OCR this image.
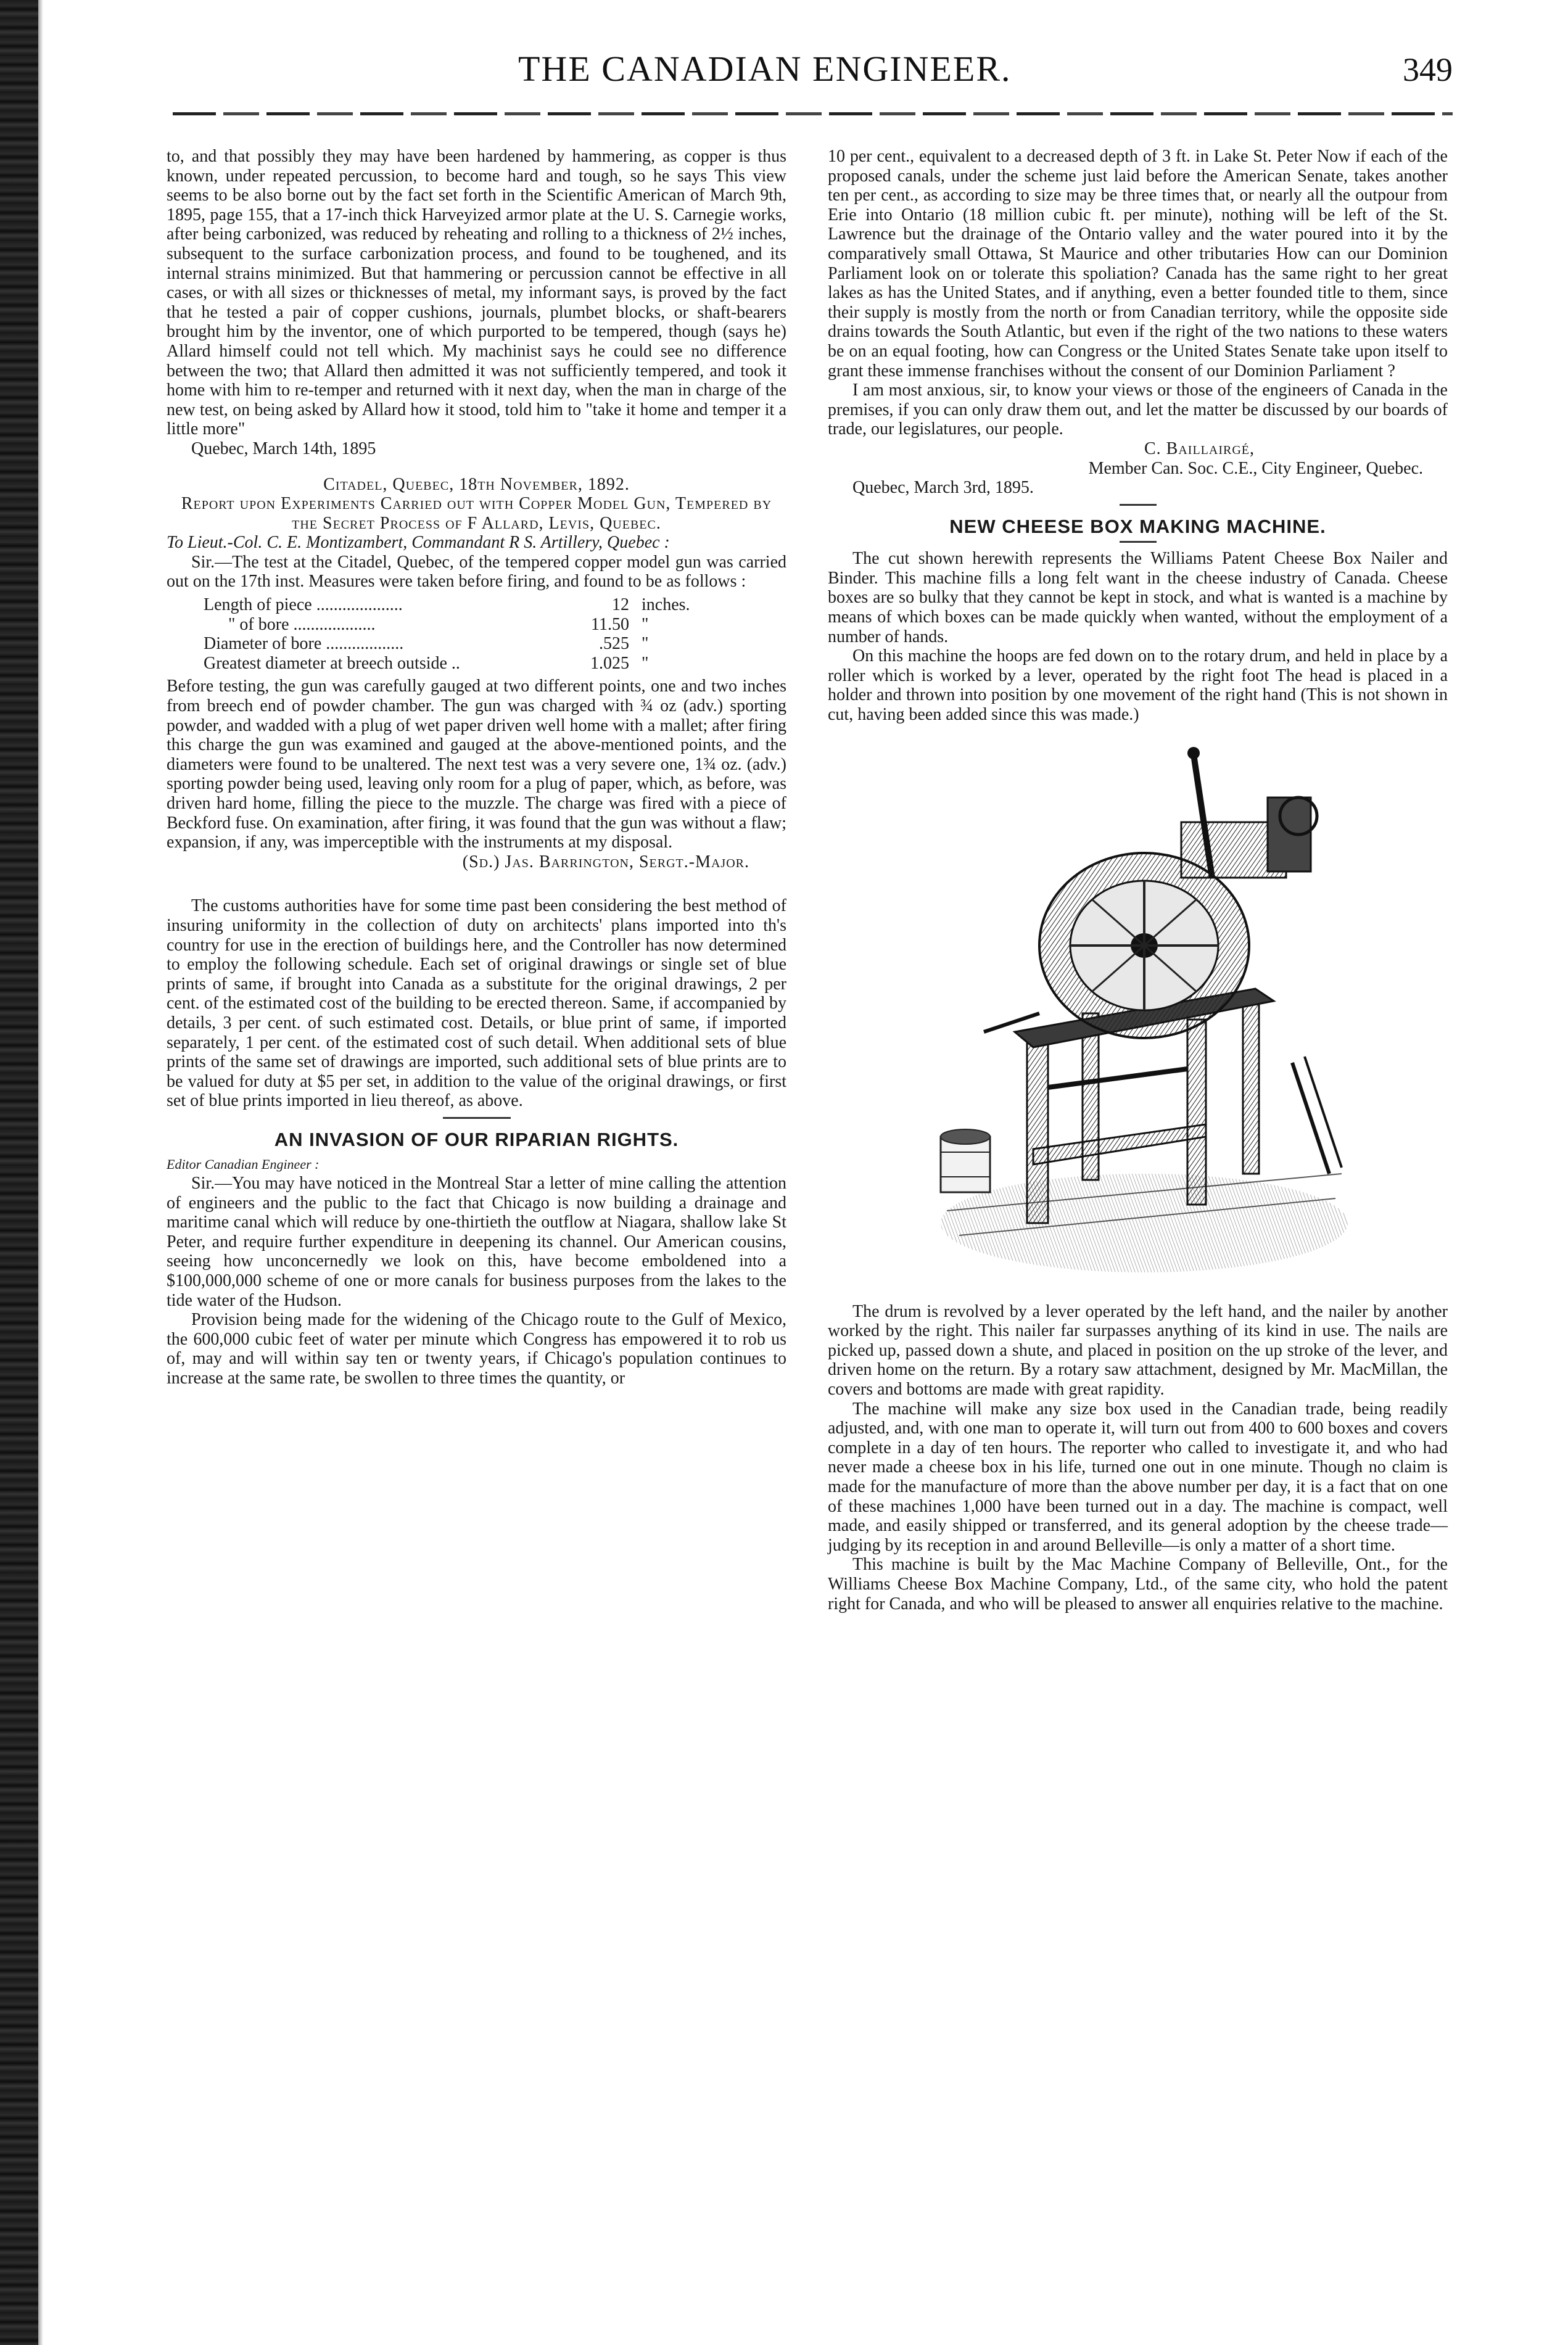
THE CANADIAN ENGINEER.	349

to, and that possibly they may have been hardened by hammering, as copper is thus known, under repeated percussion, to become hard and tough, so he says This view seems to be also borne out by the fact set forth in the Scientific American of March 9th, 1895, page 155, that a 17-inch thick Harveyized armor plate at the U. S. Carnegie works, after being carbonized, was reduced by reheating and rolling to a thickness of 2½ inches, subsequent to the surface carbonization process, and found to be toughened, and its internal strains minimized. But that hammering or percussion cannot be effective in all cases, or with all sizes or thicknesses of metal, my informant says, is proved by the fact that he tested a pair of copper cushions, journals, plumbet blocks, or shaft-bearers brought him by the inventor, one of which purported to be tempered, though (says he) Allard himself could not tell which. My machinist says he could see no difference between the two; that Allard then admitted it was not sufficiently tempered, and took it home with him to re-temper and returned with it next day, when the man in charge of the new test, on being asked by Allard how it stood, told him to "take it home and temper it a little more"

Quebec, March 14th, 1895

Citadel, Quebec, 18th November, 1892.

Report upon Experiments Carried out with Copper Model Gun, Tempered by the Secret Process of F Allard, Levis, Quebec.

To Lieut.-Col. C. E. Montizambert, Commandant R S. Artillery, Quebec :

Sir.—The test at the Citadel, Quebec, of the tempered copper model gun was carried out on the 17th inst. Measures were taken before firing, and found to be as follows :

Length of piece ....................	12 inches.
" of bore ...................	11.50 "
Diameter of bore ..................	.525 "
Greatest diameter at breech outside ..	1.025 "

Before testing, the gun was carefully gauged at two different points, one and two inches from breech end of powder chamber. The gun was charged with ¾ oz (adv.) sporting powder, and wadded with a plug of wet paper driven well home with a mallet; after firing this charge the gun was examined and gauged at the above-mentioned points, and the diameters were found to be unaltered. The next test was a very severe one, 1¾ oz. (adv.) sporting powder being used, leaving only room for a plug of paper, which, as before, was driven hard home, filling the piece to the muzzle. The charge was fired with a piece of Beckford fuse. On examination, after firing, it was found that the gun was without a flaw; expansion, if any, was imperceptible with the instruments at my disposal.

(Sd.) Jas. Barrington, Sergt.-Major.

The customs authorities have for some time past been considering the best method of insuring uniformity in the collection of duty on architects' plans imported into th's country for use in the erection of buildings here, and the Controller has now determined to employ the following schedule. Each set of original drawings or single set of blue prints of same, if brought into Canada as a substitute for the original drawings, 2 per cent. of the estimated cost of the building to be erected thereon. Same, if accompanied by details, 3 per cent. of such estimated cost. Details, or blue print of same, if imported separately, 1 per cent. of the estimated cost of such detail. When additional sets of blue prints of the same set of drawings are imported, such additional sets of blue prints are to be valued for duty at $5 per set, in addition to the value of the original drawings, or first set of blue prints imported in lieu thereof, as above.

AN INVASION OF OUR RIPARIAN RIGHTS.

Editor Canadian Engineer :

Sir.—You may have noticed in the Montreal Star a letter of mine calling the attention of engineers and the public to the fact that Chicago is now building a drainage and maritime canal which will reduce by one-thirtieth the outflow at Niagara, shallow lake St Peter, and require further expenditure in deepening its channel. Our American cousins, seeing how unconcernedly we look on this, have become emboldened into a $100,000,000 scheme of one or more canals for business purposes from the lakes to the tide water of the Hudson.

Provision being made for the widening of the Chicago route to the Gulf of Mexico, the 600,000 cubic feet of water per minute which Congress has empowered it to rob us of, may and will within say ten or twenty years, if Chicago's population continues to increase at the same rate, be swollen to three times the quantity, or

10 per cent., equivalent to a decreased depth of 3 ft. in Lake St. Peter Now if each of the proposed canals, under the scheme just laid before the American Senate, takes another ten per cent., as according to size may be three times that, or nearly all the outpour from Erie into Ontario (18 million cubic ft. per minute), nothing will be left of the St. Lawrence but the drainage of the Ontario valley and the water poured into it by the comparatively small Ottawa, St Maurice and other tributaries How can our Dominion Parliament look on or tolerate this spoliation? Canada has the same right to her great lakes as has the United States, and if anything, even a better founded title to them, since their supply is mostly from the north or from Canadian territory, while the opposite side drains towards the South Atlantic, but even if the right of the two nations to these waters be on an equal footing, how can Congress or the United States Senate take upon itself to grant these immense franchises without the consent of our Dominion Parliament ?

I am most anxious, sir, to know your views or those of the engineers of Canada in the premises, if you can only draw them out, and let the matter be discussed by our boards of trade, our legislatures, our people.

C. Baillairgé,

Member Can. Soc. C.E., City Engineer, Quebec.

Quebec, March 3rd, 1895.

NEW CHEESE BOX MAKING MACHINE.

The cut shown herewith represents the Williams Patent Cheese Box Nailer and Binder. This machine fills a long felt want in the cheese industry of Canada. Cheese boxes are so bulky that they cannot be kept in stock, and what is wanted is a machine by means of which boxes can be made quickly when wanted, without the employment of a number of hands.

On this machine the hoops are fed down on to the rotary drum, and held in place by a roller which is worked by a lever, operated by the right foot The head is placed in a holder and thrown into position by one movement of the right hand (This is not shown in cut, having been added since this was made.)

The drum is revolved by a lever operated by the left hand, and the nailer by another worked by the right. This nailer far surpasses anything of its kind in use. The nails are picked up, passed down a shute, and placed in position on the up stroke of the lever, and driven home on the return. By a rotary saw attachment, designed by Mr. MacMillan, the covers and bottoms are made with great rapidity.

The machine will make any size box used in the Canadian trade, being readily adjusted, and, with one man to operate it, will turn out from 400 to 600 boxes and covers complete in a day of ten hours. The reporter who called to investigate it, and who had never made a cheese box in his life, turned one out in one minute. Though no claim is made for the manufacture of more than the above number per day, it is a fact that on one of these machines 1,000 have been turned out in a day. The machine is compact, well made, and easily shipped or transferred, and its general adoption by the cheese trade—judging by its reception in and around Belleville—is only a matter of a short time.

This machine is built by the Mac Machine Company of Belleville, Ont., for the Williams Cheese Box Machine Company, Ltd., of the same city, who hold the patent right for Canada, and who will be pleased to answer all enquiries relative to the machine.
